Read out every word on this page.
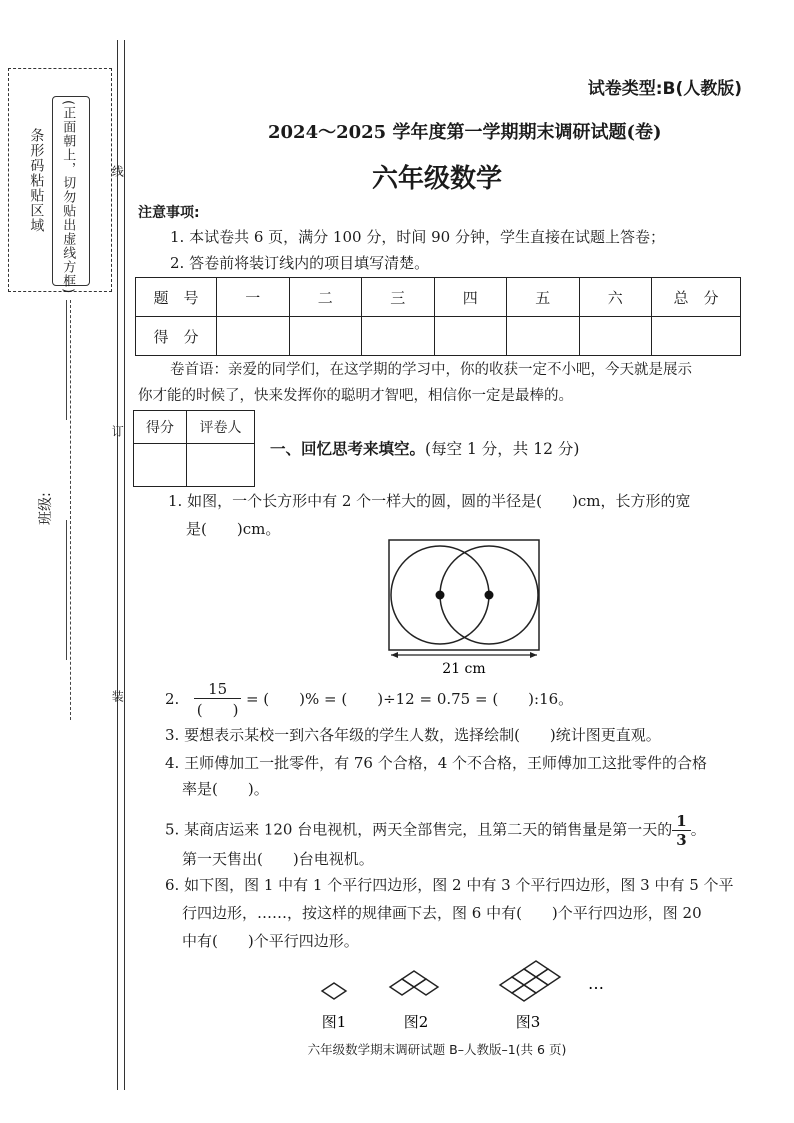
条形码粘贴区域 (正面朝上，切勿贴出虚线方框)	线
订
装
班级:
试卷类型:B(人教版)
2024～2025 学年度第一学期期末调研试题(卷)
六年级数学
注意事项:
1. 本试卷共 6 页，满分 100 分，时间 90 分钟，学生直接在试题上答卷；
2. 答卷前将装订线内的项目填写清楚。
题　号	一	二	三	四	五	六	总　分
得　分							
卷首语：亲爱的同学们，在这学期的学习中，你的收获一定不小吧，今天就是展示
你才能的时候了，快来发挥你的聪明才智吧，相信你一定是最棒的。
得分	评卷人

一、回忆思考来填空。(每空 1 分，共 12 分)
1. 如图，一个长方形中有 2 个一样大的圆，圆的半径是(　　)cm，长方形的宽
是(　　)cm。
21 cm
2. $\frac{15}{( )}$ = (　　)% = (　　)÷12 = 0.75 = (　　):16。
3. 要想表示某校一到六各年级的学生人数，选择绘制(　　)统计图更直观。
4. 王师傅加工一批零件，有 76 个合格，4 个不合格，王师傅加工这批零件的合格
率是(　　)。
5. 某商店运来 120 台电视机，两天全部售完，且第二天的销售量是第一天的 $\frac{1}{3}$ 。
第一天售出(　　)台电视机。
6. 如下图，图 1 中有 1 个平行四边形，图 2 中有 3 个平行四边形，图 3 中有 5 个平
行四边形，……，按这样的规律画下去，图 6 中有(　　)个平行四边形，图 20
中有(　　)个平行四边形。
…
图1	图2	图3
六年级数学期末调研试题 B–人教版–1(共 6 页)
